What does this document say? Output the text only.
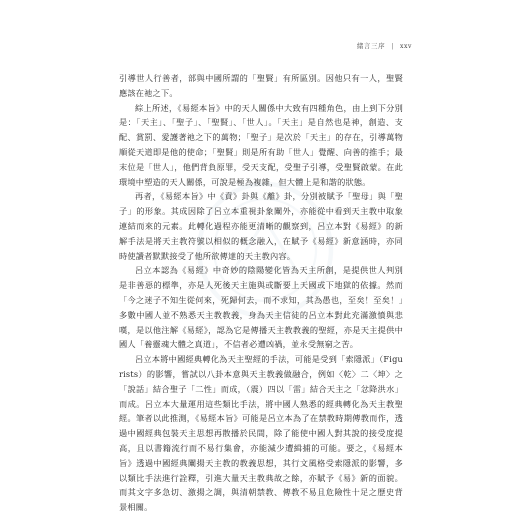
緒言三序 | xxv

引導世人行善者，部與中國所謂的「聖賢」有所區別。因他只有一人，聖賢應該在祂之下。

綜上所述，《易經本旨》中的天人關係中大致有四種角色，由上到下分別是：「天主」、「聖子」、「聖賢」、「世人」。「天主」是自然也是神，創造、支配、賞罰、愛護著祂之下的萬物；「聖子」是次於「天主」的存在，引導萬物順從天道即是他的使命；「聖賢」則是所有助「世人」覺醒、向善的推手；最末位是「世人」，他們背負原罪，受天支配，受聖子引導，受聖賢啟蒙。在此環境中塑造的天人關係，可說是極為複雜，但大體上是和諧的狀態。

再者，《易經本旨》中《賁》卦與《離》卦，分別被賦予「聖母」與「聖子」的形象。其成因除了呂立本重視卦象闡外，亦能從中看到天主教中取象連結而來的元素。此轉化過程亦能更清晰的觀察到，呂立本對《易經》的新解手法是將天主教符號以相似的概念融入，在賦予《易經》新意涵時，亦同時使讀者默默接受了他所欲傳達的天主教內容。

呂立本認為《易經》中奇妙的陰陽變化皆為天主所創，是提供世人判別是非善惡的標準，亦是人死後天主施與或斷要上天國或下地獄的依據。然而「今之迷子不知生從何來，死歸何去，而不求知，其為愚也，至矣！至矣！」多數中國人並不熟悉天主教教義，身為天主信徒的呂立本對此充滿激憤與悲嘆，是以他注解《易經》，認為它是傳播天主教教義的聖經，亦是天主提供中國人「養靈魂大體之真道」，不信者必遭凶禍，並永受無窮之苦。

呂立本將中國經典轉化為天主聖經的手法，可能是受到「索隱派」（Figurists）的影響，嘗試以八卦本意與天主教義做融合，例如〈乾〉二〈坤〉之「說話」結合聖子「二性」而成，（震）四以「雷」結合天主之「忿降洪水」而成。呂立本大量運用這些類比手法，將中國人熟悉的經典轉化為天主教聖經。筆者以此推測，《易經本旨》可能是呂立本為了在禁教時期傳教而作，透過中國經典包裝天主思想再散播於民間，除了能使中國人對其說的接受度提高，且以書籍流行而不易行集會，亦能減少遭緝捕的可能。要之，《易經本旨》透過中國經典闡揚天主教的教義思想，其行文風格受索隱派的影響，多以類比手法進行詮釋，引進大量天主教典故之餘，亦賦予《易》新的面貌。而其文字多急切、激揚之調，與清朝禁教、傳教不易且危險性十足之歷史背景相關。
